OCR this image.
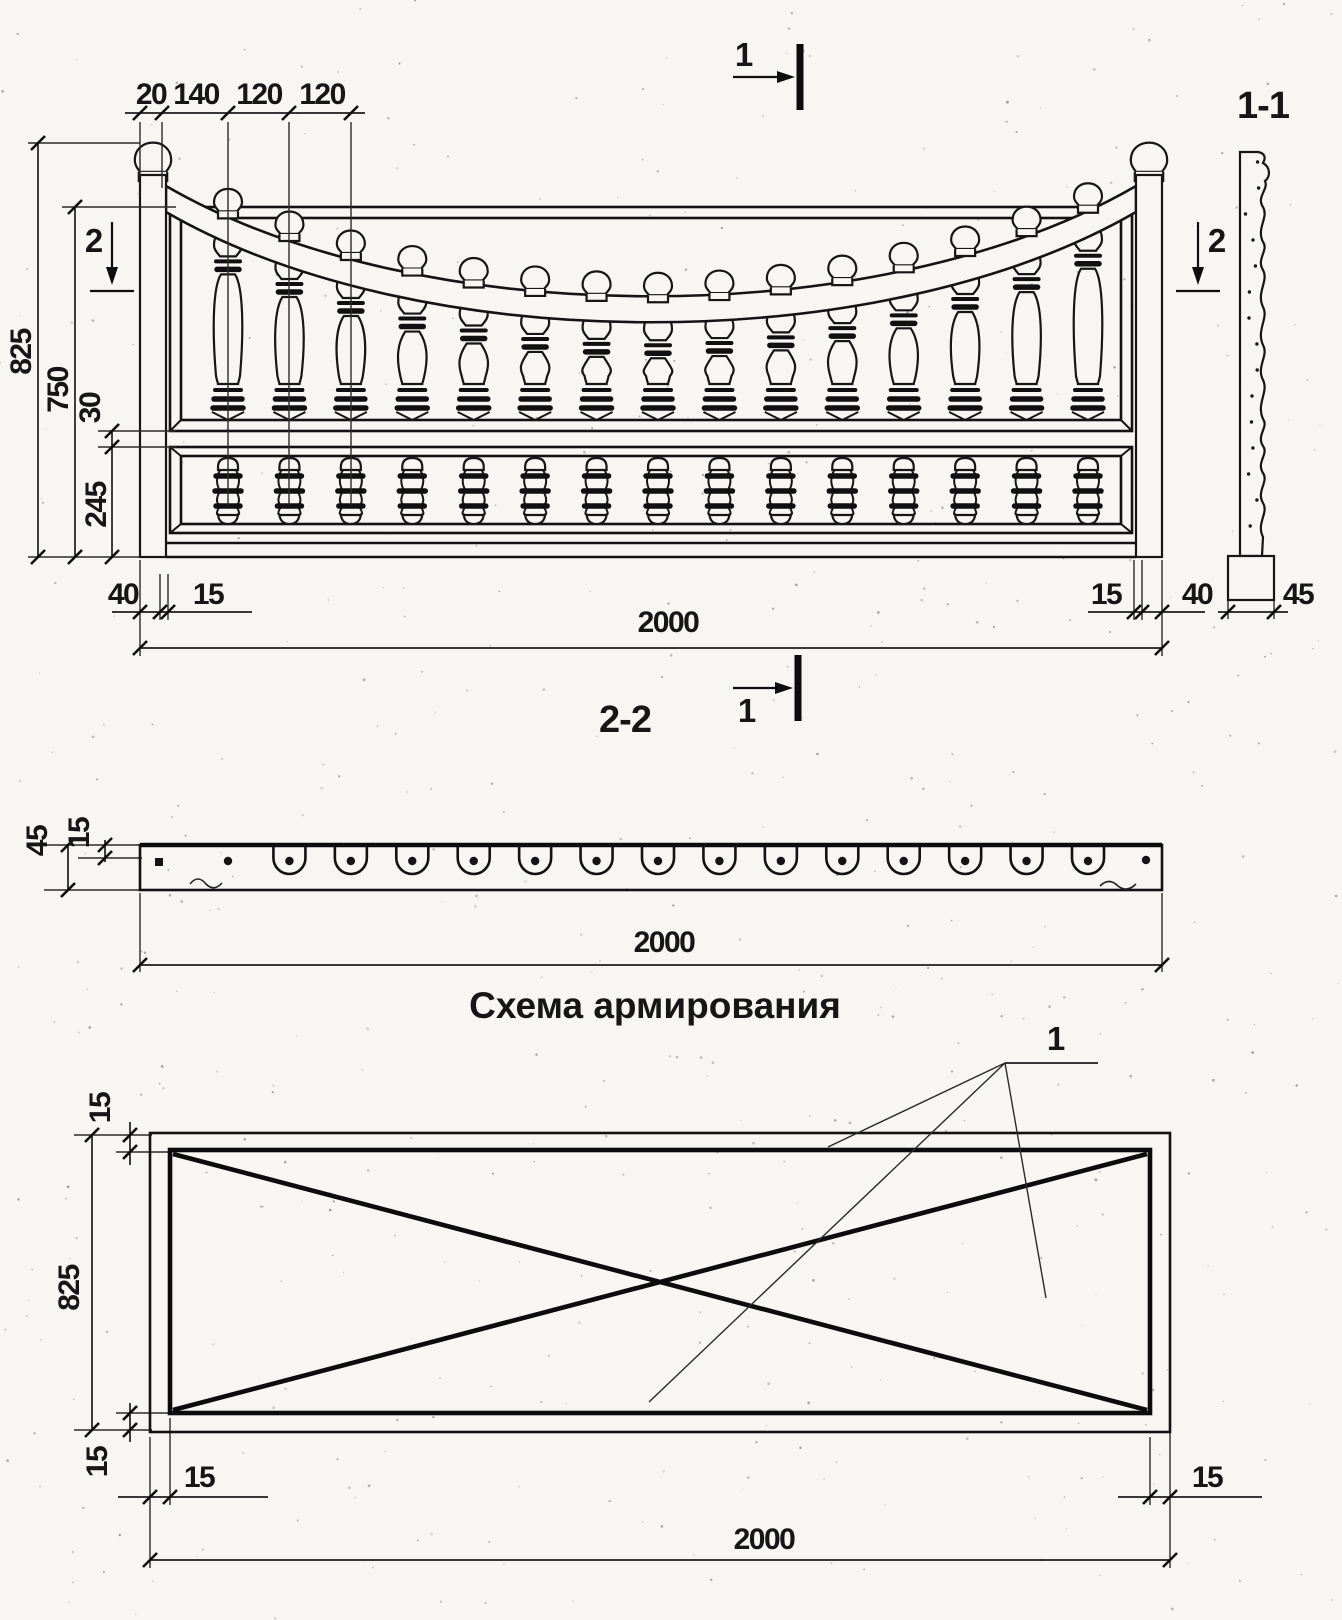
20 140 120 120
825
750 30
245
40 15
2000
15 40
1
1
2	2
1-1
45
2-2
45 15
2000
Схема армирования
1
15
825
15 15	15
2000
